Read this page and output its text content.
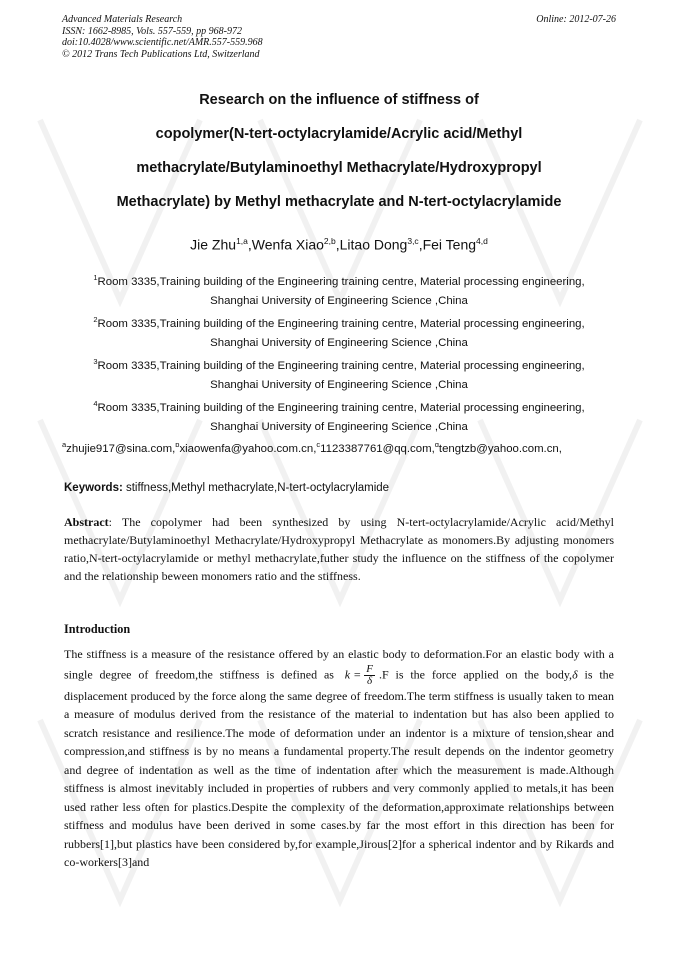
Advanced Materials Research
ISSN: 1662-8985, Vols. 557-559, pp 968-972
doi:10.4028/www.scientific.net/AMR.557-559.968
© 2012 Trans Tech Publications Ltd, Switzerland
Online: 2012-07-26
Research on the influence of stiffness of
copolymer(N-tert-octylacrylamide/Acrylic acid/Methyl
methacrylate/Butylaminoethyl Methacrylate/Hydroxypropyl
Methacrylate) by Methyl methacrylate and N-tert-octylacrylamide
Jie Zhu$^{1,a}$,Wenfa Xiao$^{2,b}$,Litao Dong$^{3,c}$,Fei Teng$^{4,d}$
$^1$Room 3335,Training building of the Engineering training centre, Material processing engineering,
Shanghai University of Engineering Science ,China
$^2$Room 3335,Training building of the Engineering training centre, Material processing engineering,
Shanghai University of Engineering Science ,China
$^3$Room 3335,Training building of the Engineering training centre, Material processing engineering,
Shanghai University of Engineering Science ,China
$^4$Room 3335,Training building of the Engineering training centre, Material processing engineering,
Shanghai University of Engineering Science ,China
$^a$zhujie917@sina.com,$^b$xiaowenfa@yahoo.com.cn,$^c$1123387761@qq.com,$^d$tengtzb@yahoo.com.cn,
Keywords: stiffness,Methyl methacrylate,N-tert-octylacrylamide
Abstract: The copolymer had been synthesized by using N-tert-octylacrylamide/Acrylic acid/Methyl methacrylate/Butylaminoethyl Methacrylate/Hydroxypropyl Methacrylate as monomers.By adjusting monomers ratio,N-tert-octylacrylamide or methyl methacrylate,futher study the influence on the stiffness of the copolymer and the relationship beween monomers ratio and the stiffness.
Introduction
The stiffness is a measure of the resistance offered by an elastic body to deformation.For an elastic body with a single degree of freedom,the stiffness is defined as $k = \frac{F}{\delta} .F$ is the force applied on the body,δ is the displacement produced by the force along the same degree of freedom.The term stiffness is usually taken to mean a measure of modulus derived from the resistance of the material to indentation but has also been applied to scratch resistance and resilience.The mode of deformation under an indentor is a mixture of tension,shear and compression,and stiffness is by no means a fundamental property.The result depends on the indentor geometry and degree of indentation as well as the time of indentation after which the measurement is made.Although stiffness is almost inevitably included in properties of rubbers and very commonly applied to metals,it has been used rather less often for plastics.Despite the complexity of the deformation,approximate relationships between stiffness and modulus have been derived in some cases.by far the most effort in this direction has been for rubbers[1],but plastics have been considered by,for example,Jirous[2]for a spherical indentor and by Rikards and co-workers[3]and
